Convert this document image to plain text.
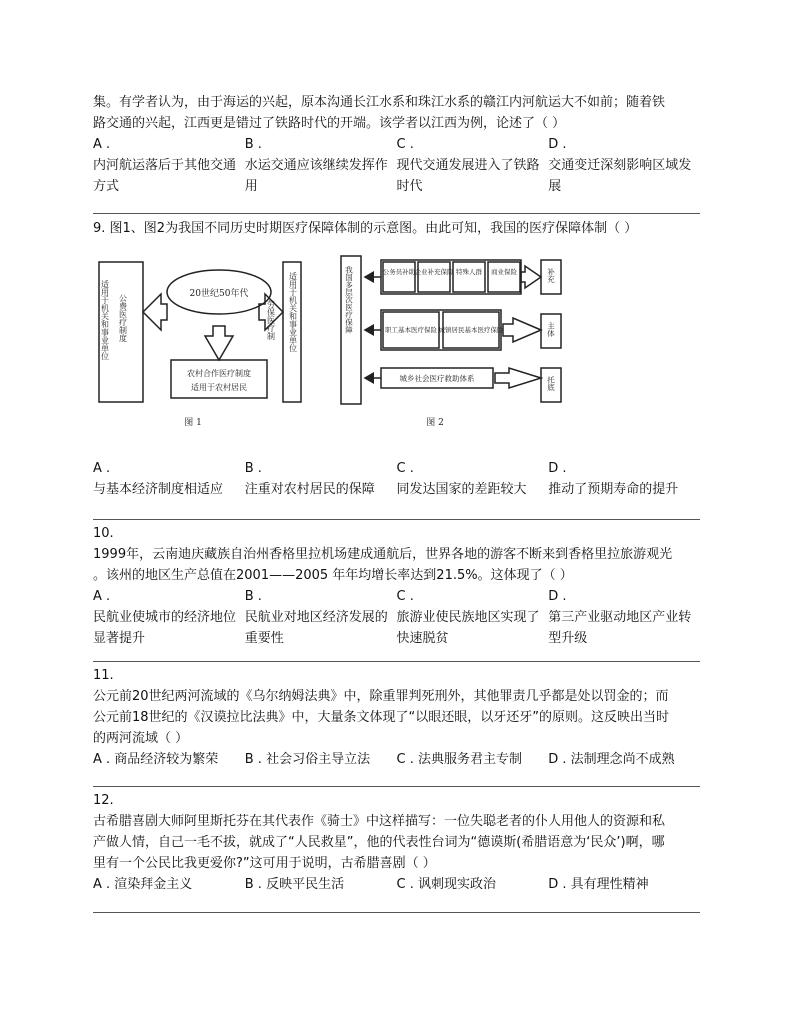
集。有学者认为，由于海运的兴起，原本沟通长江水系和珠江水系的赣江内河航运大不如前；随着铁

路交通的兴起，江西更是错过了铁路时代的开端。该学者以江西为例，论述了（ ）

A .
内河航运落后于其他交通方式
B .
水运交通应该继续发挥作用
C .
现代交通发展进入了铁路时代
D .
交通变迁深刻影响区域发展

9. 图1、图2为我国不同历史时期医疗保障体制的示意图。由此可知，我国的医疗保障体制（ ）

适用于机关和事业单位 公费医疗制度	20世纪50年代	适用于机关和事业单位
劳保医疗制
农村合作医疗制度
适用于农村居民
图 1
我国多层次医疗保障	公务员补助 企业补充保险 特殊人群 商业保险
职工基本医疗保险 城镇居民基本医疗保险
城乡社会医疗救助体系
补充
主体
托底
图 2
A .
与基本经济制度相适应
B .
注重对农村居民的保障
C .
同发达国家的差距较大
D .
推动了预期寿命的提升

10.

1999年，云南迪庆藏族自治州香格里拉机场建成通航后，世界各地的游客不断来到香格里拉旅游观光

。该州的地区生产总值在2001——2005 年年均增长率达到21.5%。这体现了（ ）

A .
民航业使城市的经济地位显著提升
B .
民航业对地区经济发展的重要性
C .
旅游业使民族地区实现了快速脱贫
D .
第三产业驱动地区产业转型升级

11.

公元前20世纪两河流域的《乌尔纳姆法典》中，除重罪判死刑外，其他罪责几乎都是处以罚金的；而

公元前18世纪的《汉谟拉比法典》中，大量条文体现了“以眼还眼，以牙还牙”的原则。这反映出当时

的两河流域（ ）

A . 商品经济较为繁荣	B . 社会习俗主导立法	C . 法典服务君主专制	D . 法制理念尚不成熟

12.

古希腊喜剧大师阿里斯托芬在其代表作《骑士》中这样描写：一位失聪老者的仆人用他人的资源和私

产做人情，自己一毛不拔，就成了“人民救星”，他的代表性台词为“德谟斯(希腊语意为‘民众’)啊，哪

里有一个公民比我更爱你?”这可用于说明，古希腊喜剧（ ）

A . 渲染拜金主义	B . 反映平民生活	C . 讽刺现实政治	D . 具有理性精神
